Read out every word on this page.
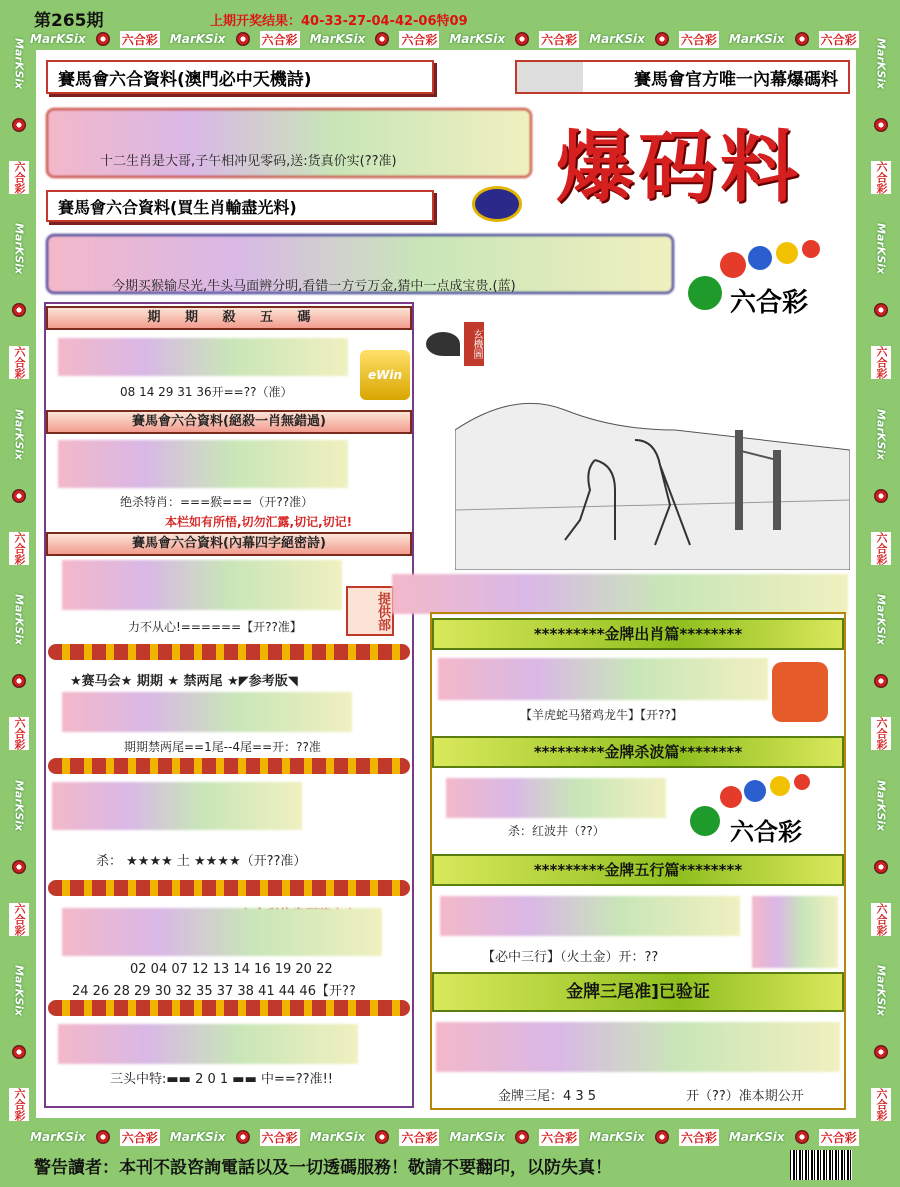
第265期	上期开奖结果：40-33-27-04-42-06特09
MarKSix	六合彩 MarKSix	六合彩 MarKSix	六合彩 MarKSix	六合彩 MarKSix	六合彩 MarKSix	六合彩
MarKSix	六合彩 MarKSix	六合彩 MarKSix	六合彩 MarKSix	六合彩 MarKSix	六合彩 MarKSix	六合彩
MarKSix
六合彩
MarKSix
六合彩
MarKSix
六合彩
MarKSix
六合彩
MarKSix
六合彩
MarKSix
六合彩
MarKSix
六合彩
MarKSix
六合彩
MarKSix
六合彩
MarKSix
六合彩
MarKSix
六合彩
MarKSix
六合彩
賽馬會六合資料(澳門必中天機詩)	賽馬會官方唯一內幕爆碼料
十二生肖是大哥,子午相冲见零码,送:货真价实(??准) 爆码料
賽馬會六合資料(買生肖輸盡光料)
今期买猴输尽光,牛头马面辨分明,看错一方亏万金,猜中一点成宝贵.(蓝)
六合彩
期 期 殺 五 碼
08 14 29 31 36开==??（准）
eWin
賽馬會六合資料(絕殺一肖無錯過)
绝杀特肖：===猴===（开??准）
本栏如有所悟,切勿汇露,切记,切记!
賽馬會六合資料(內幕四字絕密詩)
力不从心!======【开??准】	提供部
★赛马会★ 期期 ★ 禁两尾 ★◤参考版◥
期期禁两尾==1尾--4尾==开：??准
杀： ★★★★ 土 ★★★★（开??准）
02 04 07 12 13 14 16 19 20 22
24 26 28 29 30 32 35 37 38 41 44 46【开??
三头中特:▬▬ 2 0 1 ▬▬ 中==??准!!
玄機圖
*********金牌出肖篇********
【羊虎蛇马猪鸡龙牛】【开??】
*********金牌杀波篇********
杀：红波井（??）	六合彩
*********金牌五行篇********
【必中三行】（火土金）开：??
金牌三尾准]已验证
金牌三尾：4 3 5	开（??）准本期公开
警告讀者：本刊不設咨詢電話以及一切透碼服務！敬請不要翻印，以防失真！
